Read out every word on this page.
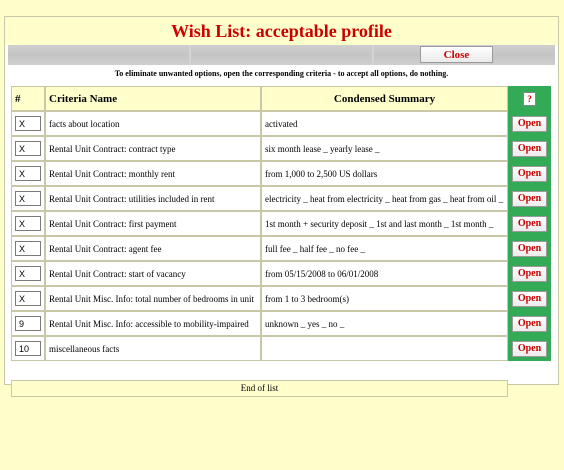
Wish List: acceptable profile
Close
To eliminate unwanted options, open the corresponding criteria - to accept all options, do nothing.
#	Criteria Name	Condensed Summary	?
X	facts about location	activated	Open
X	Rental Unit Contract: contract type	six month lease _ yearly lease _	Open
X	Rental Unit Contract: monthly rent	from 1,000 to 2,500 US dollars	Open
X	Rental Unit Contract: utilities included in rent	electricity _ heat from electricity _ heat from gas _ heat from oil _	Open
X	Rental Unit Contract: first payment	1st month + security deposit _ 1st and last month _ 1st month _	Open
X	Rental Unit Contract: agent fee	full fee _ half fee _ no fee _	Open
X	Rental Unit Contract: start of vacancy	from 05/15/2008 to 06/01/2008	Open
X	Rental Unit Misc. Info: total number of bedrooms in unit	from 1 to 3 bedroom(s)	Open
9	Rental Unit Misc. Info: accessible to mobility-impaired	unknown _ yes _ no _	Open
10	miscellaneous facts		Open
End of list
